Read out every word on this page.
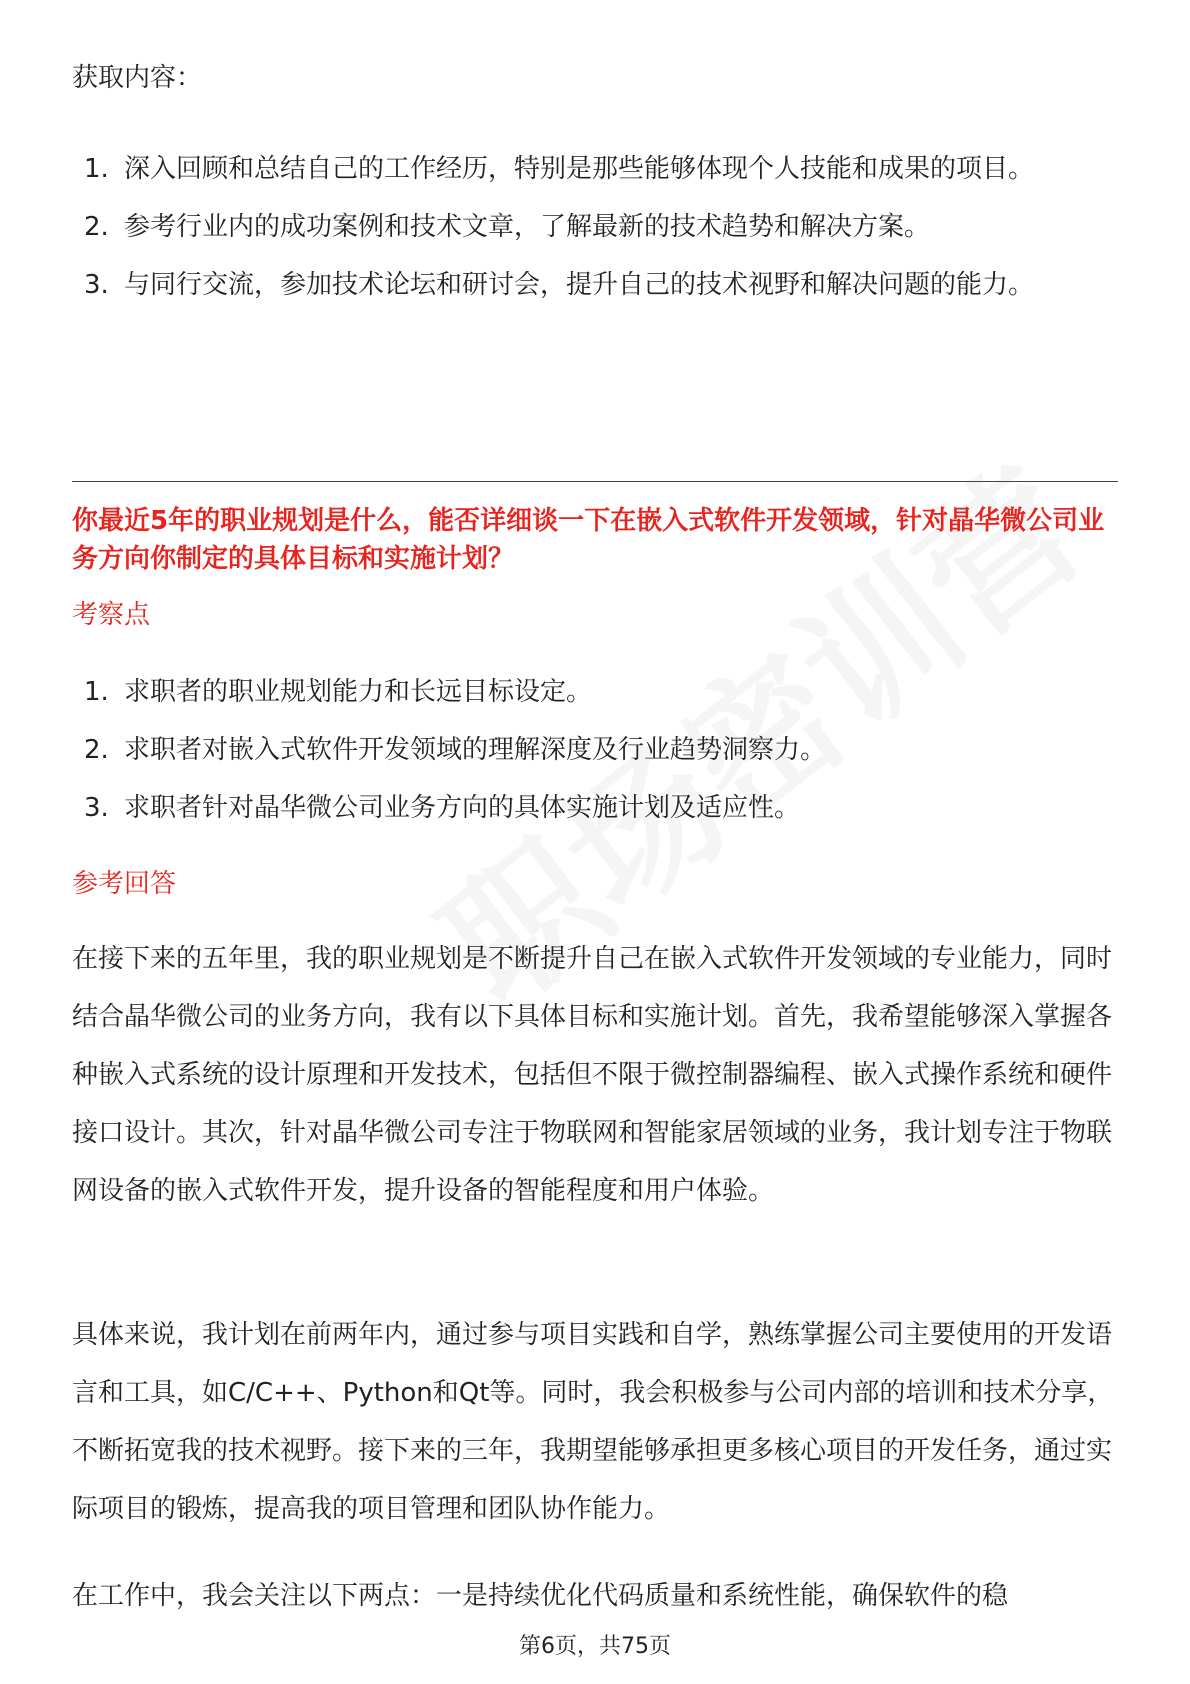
获取内容：
1. 深入回顾和总结自己的工作经历，特别是那些能够体现个人技能和成果的项目。
2. 参考行业内的成功案例和技术文章，了解最新的技术趋势和解决方案。
3. 与同行交流，参加技术论坛和研讨会，提升自己的技术视野和解决问题的能力。
你最近5年的职业规划是什么，能否详细谈一下在嵌入式软件开发领域，针对晶华微公司业务方向你制定的具体目标和实施计划？
考察点
1. 求职者的职业规划能力和长远目标设定。
2. 求职者对嵌入式软件开发领域的理解深度及行业趋势洞察力。
3. 求职者针对晶华微公司业务方向的具体实施计划及适应性。
参考回答

在接下来的五年里，我的职业规划是不断提升自己在嵌入式软件开发领域的专业能力，同时结合晶华微公司的业务方向，我有以下具体目标和实施计划。首先，我希望能够深入掌握各种嵌入式系统的设计原理和开发技术，包括但不限于微控制器编程、嵌入式操作系统和硬件接口设计。其次，针对晶华微公司专注于物联网和智能家居领域的业务，我计划专注于物联网设备的嵌入式软件开发，提升设备的智能程度和用户体验。

具体来说，我计划在前两年内，通过参与项目实践和自学，熟练掌握公司主要使用的开发语言和工具，如C/C++、Python和Qt等。同时，我会积极参与公司内部的培训和技术分享，不断拓宽我的技术视野。接下来的三年，我期望能够承担更多核心项目的开发任务，通过实际项目的锻炼，提高我的项目管理和团队协作能力。

在工作中，我会关注以下两点：一是持续优化代码质量和系统性能，确保软件的稳

第6页，共75页
